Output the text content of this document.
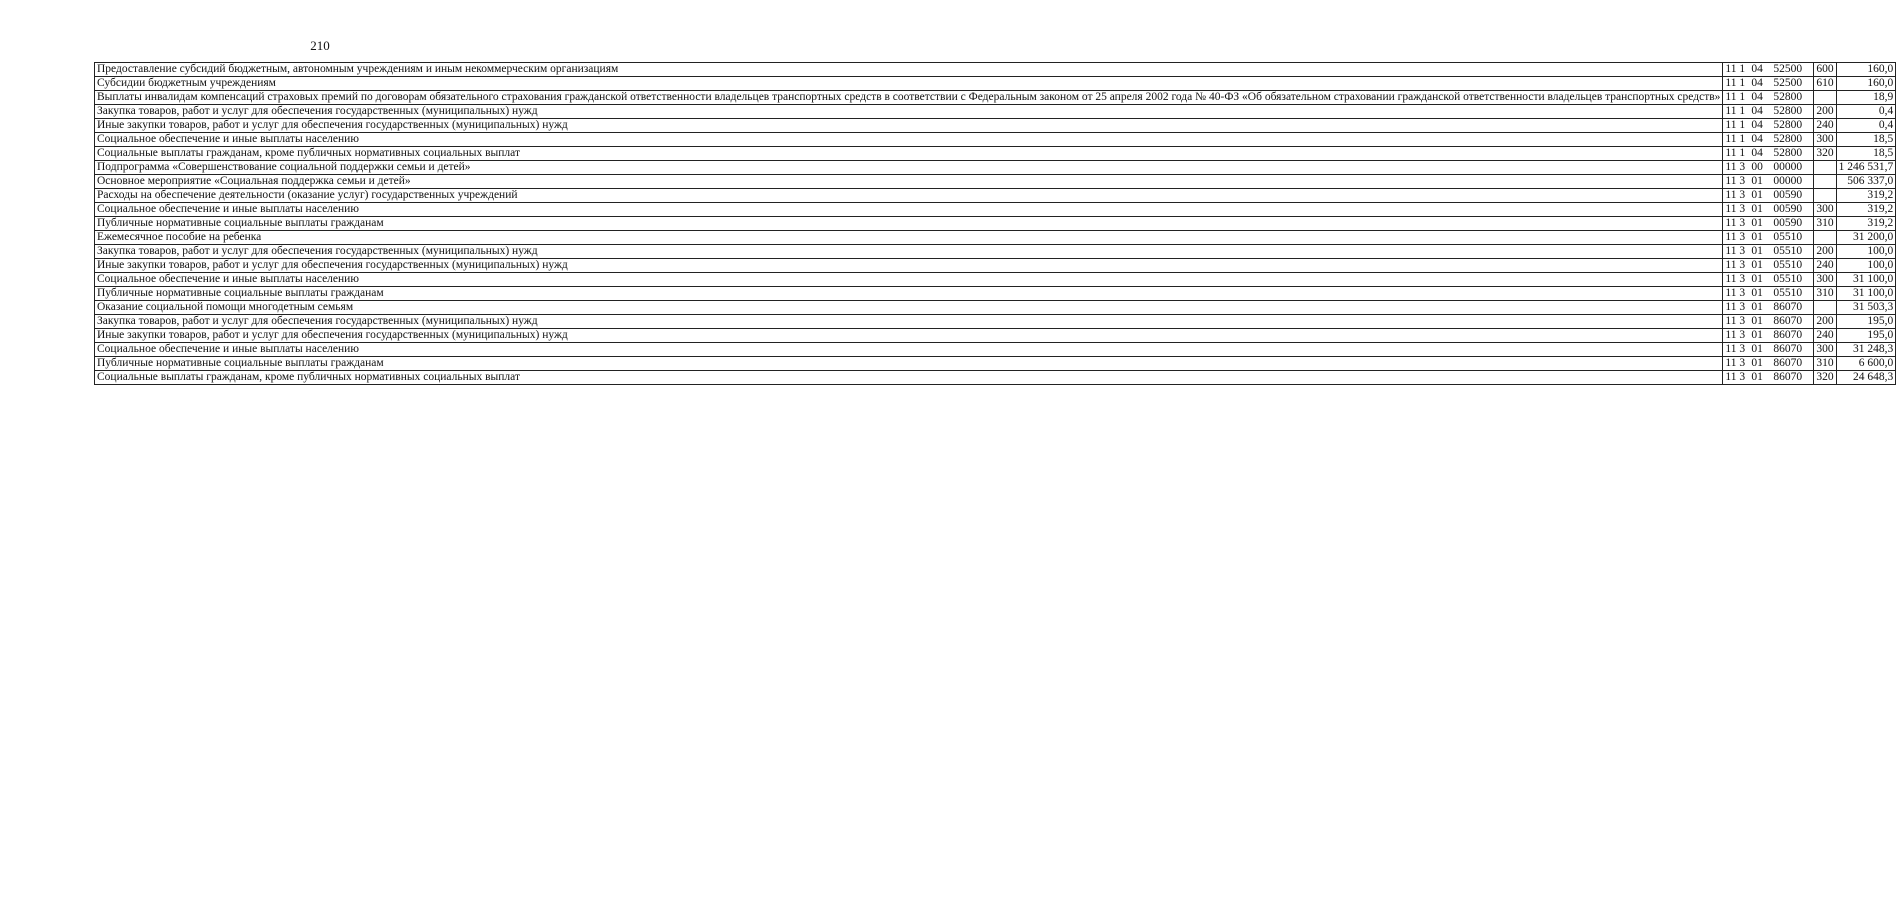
210
Предоставление субсидий бюджетным, автономным учреждениям и иным некоммерческим организациям	11 1 04 52500	600	160,0
Субсидии бюджетным учреждениям	11 1 04 52500	610	160,0
Выплаты инвалидам компенсаций страховых премий по договорам обязательного страхования гражданской ответственности владельцев транспортных средств в соответствии с Федеральным законом от 25 апреля 2002 года № 40-ФЗ «Об обязательном страховании гражданской ответственности владельцев транспортных средств»	11 1 04 52800		18,9
Закупка товаров, работ и услуг для обеспечения государственных (муниципальных) нужд	11 1 04 52800	200	0,4
Иные закупки товаров, работ и услуг для обеспечения государственных (муниципальных) нужд	11 1 04 52800	240	0,4
Социальное обеспечение и иные выплаты населению	11 1 04 52800	300	18,5
Социальные выплаты гражданам, кроме публичных нормативных социальных выплат	11 1 04 52800	320	18,5
Подпрограмма «Совершенствование социальной поддержки семьи и детей»	11 3 00 00000		1 246 531,7
Основное мероприятие «Социальная поддержка семьи и детей»	11 3 01 00000		506 337,0
Расходы на обеспечение деятельности (оказание услуг) государственных учреждений	11 3 01 00590		319,2
Социальное обеспечение и иные выплаты населению	11 3 01 00590	300	319,2
Публичные нормативные социальные выплаты гражданам	11 3 01 00590	310	319,2
Ежемесячное пособие на ребенка	11 3 01 05510		31 200,0
Закупка товаров, работ и услуг для обеспечения государственных (муниципальных) нужд	11 3 01 05510	200	100,0
Иные закупки товаров, работ и услуг для обеспечения государственных (муниципальных) нужд	11 3 01 05510	240	100,0
Социальное обеспечение и иные выплаты населению	11 3 01 05510	300	31 100,0
Публичные нормативные социальные выплаты гражданам	11 3 01 05510	310	31 100,0
Оказание социальной помощи многодетным семьям	11 3 01 86070		31 503,3
Закупка товаров, работ и услуг для обеспечения государственных (муниципальных) нужд	11 3 01 86070	200	195,0
Иные закупки товаров, работ и услуг для обеспечения государственных (муниципальных) нужд	11 3 01 86070	240	195,0
Социальное обеспечение и иные выплаты населению	11 3 01 86070	300	31 248,3
Публичные нормативные социальные выплаты гражданам	11 3 01 86070	310	6 600,0
Социальные выплаты гражданам, кроме публичных нормативных социальных выплат	11 3 01 86070	320	24 648,3
